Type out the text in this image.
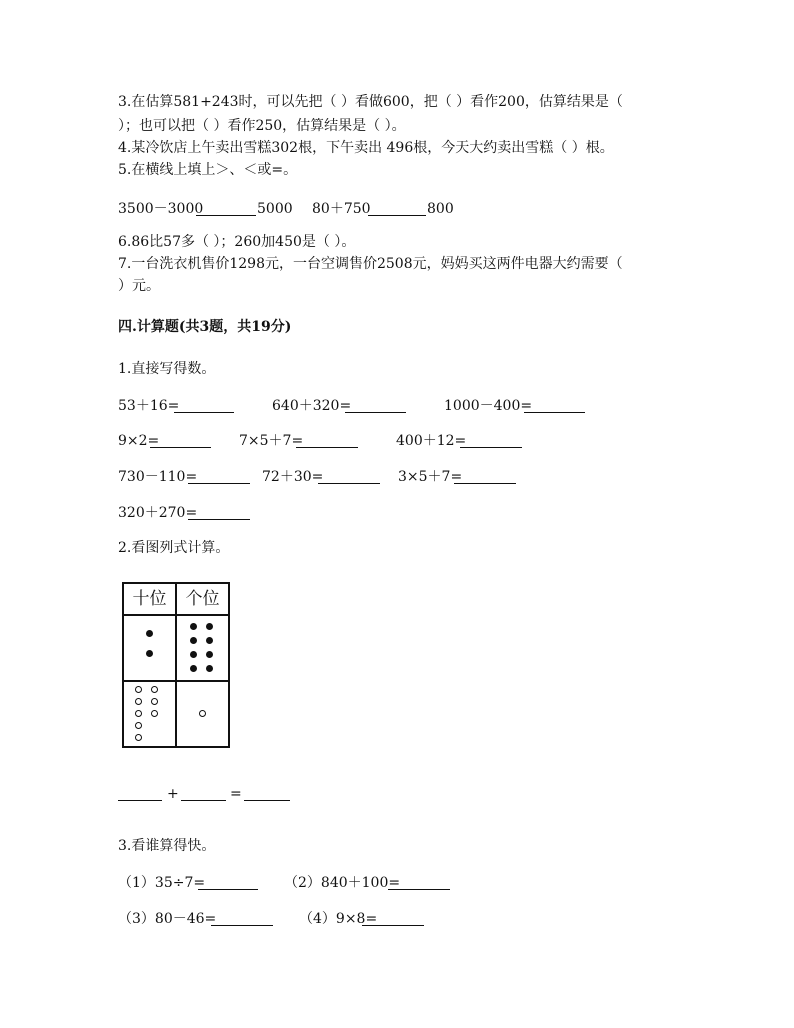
3.在估算581+243时，可以先把（ ）看做600，把（ ）看作200，估算结果是（
）；也可以把（ ）看作250，估算结果是（ ）。
4.某冷饮店上午卖出雪糕302根，下午卖出 496根，今天大约卖出雪糕（ ）根。
5.在横线上填上＞、＜或=。
3500－3000	5000 80＋750	800
6.86比57多（ ）；260加450是（ ）。
7.一台洗衣机售价1298元，一台空调售价2508元，妈妈买这两件电器大约需要（
）元。
四.计算题(共3题，共19分)
1.直接写得数。
53＋16=	640＋320=	1000－400=
9×2=	7×5＋7=	400＋12=
730－110=	72＋30=	3×5＋7=
320＋270=
2.看图列式计算。
十位	个位

+	=
3.看谁算得快。
（1）35÷7=	（2）840＋100=
（3）80－46=	（4）9×8=
